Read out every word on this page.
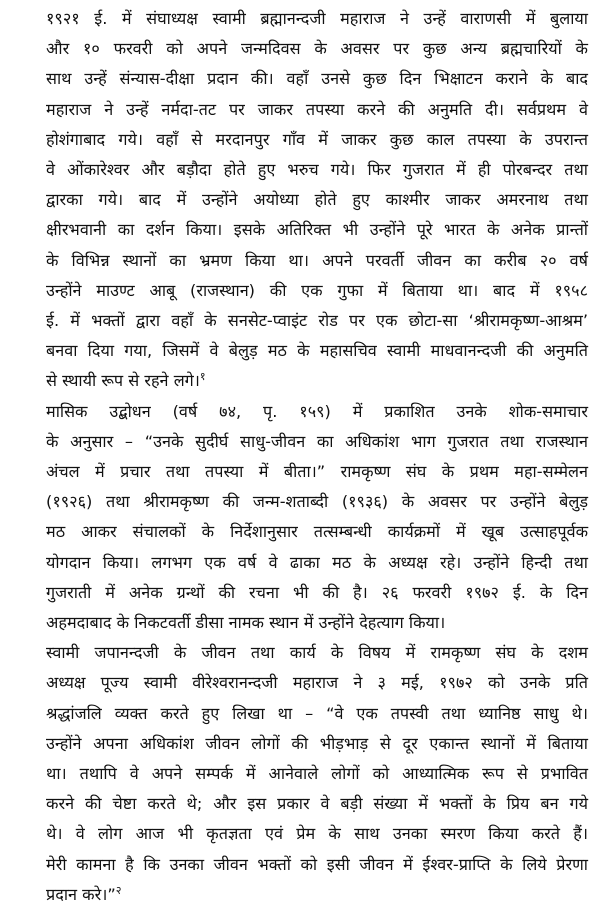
१९२१ ई. में संघाध्यक्ष स्वामी ब्रह्मानन्दजी महाराज ने उन्हें वाराणसी में बुलाया
और १० फरवरी को अपने जन्मदिवस के अवसर पर कुछ अन्य ब्रह्मचारियों के
साथ उन्हें संन्यास-दीक्षा प्रदान की। वहाँ उनसे कुछ दिन भिक्षाटन कराने के बाद
महाराज ने उन्हें नर्मदा-तट पर जाकर तपस्या करने की अनुमति दी। सर्वप्रथम वे
होशंगाबाद गये। वहाँ से मरदानपुर गाँव में जाकर कुछ काल तपस्या के उपरान्त
वे ओंकारेश्वर और बड़ौदा होते हुए भरुच गये। फिर गुजरात में ही पोरबन्दर तथा
द्वारका गये। बाद में उन्होंने अयोध्या होते हुए काश्मीर जाकर अमरनाथ तथा
क्षीरभवानी का दर्शन किया। इसके अतिरिक्त भी उन्होंने पूरे भारत के अनेक प्रान्तों
के विभिन्न स्थानों का भ्रमण किया था। अपने परवर्ती जीवन का करीब २० वर्ष
उन्होंने माउण्ट आबू (राजस्थान) की एक गुफा में बिताया था। बाद में १९५८
ई. में भक्तों द्वारा वहाँ के सनसेट-प्वाइंट रोड पर एक छोटा-सा ‘श्रीरामकृष्ण-आश्रम’
बनवा दिया गया, जिसमें वे बेलुड़ मठ के महासचिव स्वामी माधवानन्दजी की अनुमति
से स्थायी रूप से रहने लगे।$^१$
मासिक उद्बोधन (वर्ष ७४, पृ. १५९) में प्रकाशित उनके शोक-समाचार
के अनुसार – “उनके सुदीर्घ साधु-जीवन का अधिकांश भाग गुजरात तथा राजस्थान
अंचल में प्रचार तथा तपस्या में बीता।” रामकृष्ण संघ के प्रथम महा-सम्मेलन
(१९२६) तथा श्रीरामकृष्ण की जन्म-शताब्दी (१९३६) के अवसर पर उन्होंने बेलुड़
मठ आकर संचालकों के निर्देशानुसार तत्सम्बन्धी कार्यक्रमों में खूब उत्साहपूर्वक
योगदान किया। लगभग एक वर्ष वे ढाका मठ के अध्यक्ष रहे। उन्होंने हिन्दी तथा
गुजराती में अनेक ग्रन्थों की रचना भी की है। २६ फरवरी १९७२ ई. के दिन
अहमदाबाद के निकटवर्ती डीसा नामक स्थान में उन्होंने देहत्याग किया।
स्वामी जपानन्दजी के जीवन तथा कार्य के विषय में रामकृष्ण संघ के दशम
अध्यक्ष पूज्य स्वामी वीरेश्वरानन्दजी महाराज ने ३ मई, १९७२ को उनके प्रति
श्रद्धांजलि व्यक्त करते हुए लिखा था – “वे एक तपस्वी तथा ध्यानिष्ठ साधु थे।
उन्होंने अपना अधिकांश जीवन लोगों की भीड़भाड़ से दूर एकान्त स्थानों में बिताया
था। तथापि वे अपने सम्पर्क में आनेवाले लोगों को आध्यात्मिक रूप से प्रभावित
करने की चेष्टा करते थे; और इस प्रकार वे बड़ी संख्या में भक्तों के प्रिय बन गये
थे। वे लोग आज भी कृतज्ञता एवं प्रेम के साथ उनका स्मरण किया करते हैं।
मेरी कामना है कि उनका जीवन भक्तों को इसी जीवन में ईश्वर-प्राप्ति के लिये प्रेरणा
प्रदान करे।”$^२$
